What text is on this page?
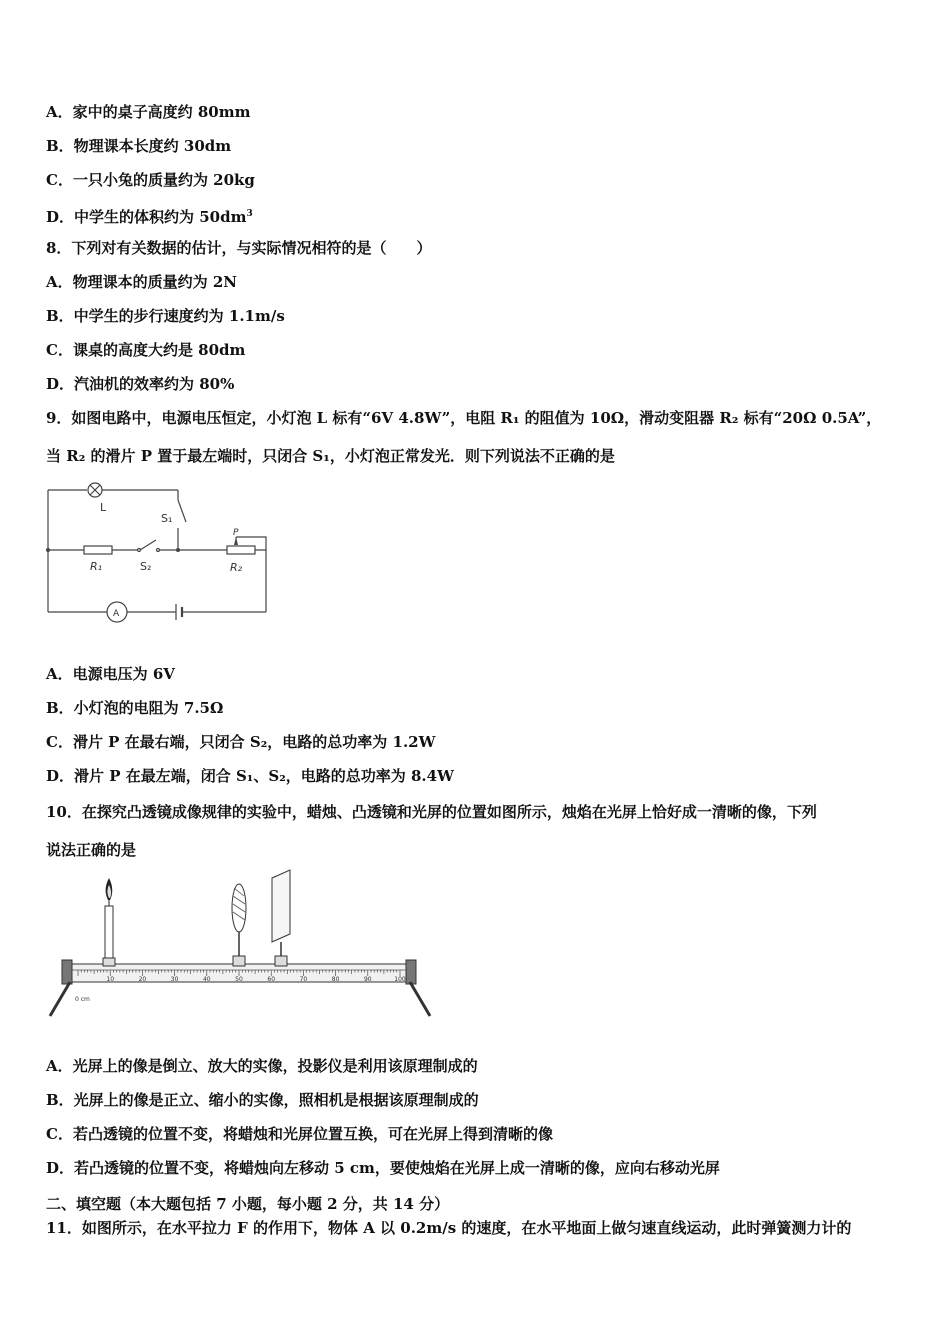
A．家中的桌子高度约 80mm
B．物理课本长度约 30dm
C．一只小兔的质量约为 20kg
D．中学生的体积约为 $50dm^3$
8．下列对有关数据的估计，与实际情况相符的是（　　）
A．物理课本的质量约为 2N
B．中学生的步行速度约为 1.1m/s
C．课桌的高度大约是 80dm
D．汽油机的效率约为 80%
9．如图电路中，电源电压恒定，小灯泡 L 标有“6V 4.8W”，电阻 R₁ 的阻值为 10Ω，滑动变阻器 R₂ 标有“20Ω 0.5A”，
当 R₂ 的滑片 P 置于最左端时，只闭合 S₁，小灯泡正常发光．则下列说法不正确的是
L
S₁
R₁	S₂
P
R₂
A
A．电源电压为 6V
B．小灯泡的电阻为 7.5Ω
C．滑片 P 在最右端，只闭合 S₂，电路的总功率为 1.2W
D．滑片 P 在最左端，闭合 S₁、S₂，电路的总功率为 8.4W
10．在探究凸透镜成像规律的实验中，蜡烛、凸透镜和光屏的位置如图所示，烛焰在光屏上恰好成一清晰的像，下列
说法正确的是
10	20	30	40	50	60	70	80	90	100
0 cm
A．光屏上的像是倒立、放大的实像，投影仪是利用该原理制成的
B．光屏上的像是正立、缩小的实像，照相机是根据该原理制成的
C．若凸透镜的位置不变，将蜡烛和光屏位置互换，可在光屏上得到清晰的像
D．若凸透镜的位置不变，将蜡烛向左移动 5 cm，要使烛焰在光屏上成一清晰的像，应向右移动光屏
二、填空题（本大题包括 7 小题，每小题 2 分，共 14 分）
11．如图所示，在水平拉力 F 的作用下，物体 A 以 0.2m/s 的速度，在水平地面上做匀速直线运动，此时弹簧测力计的
